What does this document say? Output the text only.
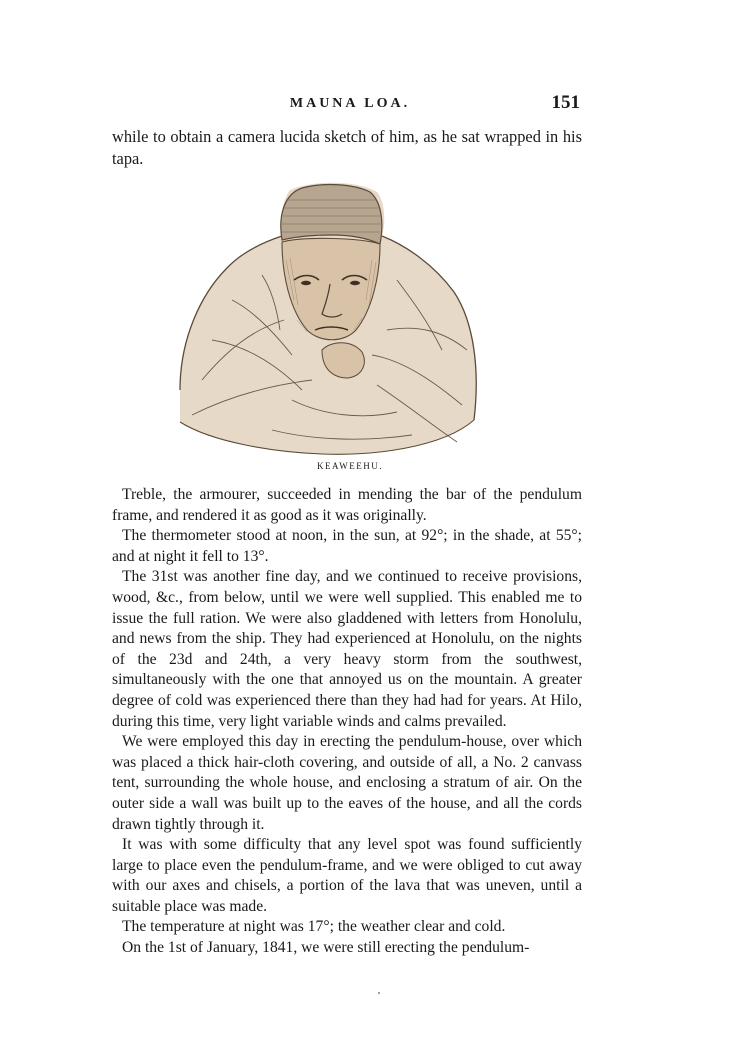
MAUNA LOA.	151
while to obtain a camera lucida sketch of him, as he sat wrapped in his tapa.
KEAWEEHU.

Treble, the armourer, succeeded in mending the bar of the pendulum frame, and rendered it as good as it was originally.

The thermometer stood at noon, in the sun, at 92°; in the shade, at 55°; and at night it fell to 13°.

The 31st was another fine day, and we continued to receive provisions, wood, &c., from below, until we were well supplied. This enabled me to issue the full ration. We were also gladdened with letters from Honolulu, and news from the ship. They had experienced at Honolulu, on the nights of the 23d and 24th, a very heavy storm from the southwest, simultaneously with the one that annoyed us on the mountain. A greater degree of cold was experienced there than they had had for years. At Hilo, during this time, very light variable winds and calms prevailed.

We were employed this day in erecting the pendulum-house, over which was placed a thick hair-cloth covering, and outside of all, a No. 2 canvass tent, surrounding the whole house, and enclosing a stratum of air. On the outer side a wall was built up to the eaves of the house, and all the cords drawn tightly through it.

It was with some difficulty that any level spot was found sufficiently large to place even the pendulum-frame, and we were obliged to cut away with our axes and chisels, a portion of the lava that was uneven, until a suitable place was made.

The temperature at night was 17°; the weather clear and cold.

On the 1st of January, 1841, we were still erecting the pendulum-
